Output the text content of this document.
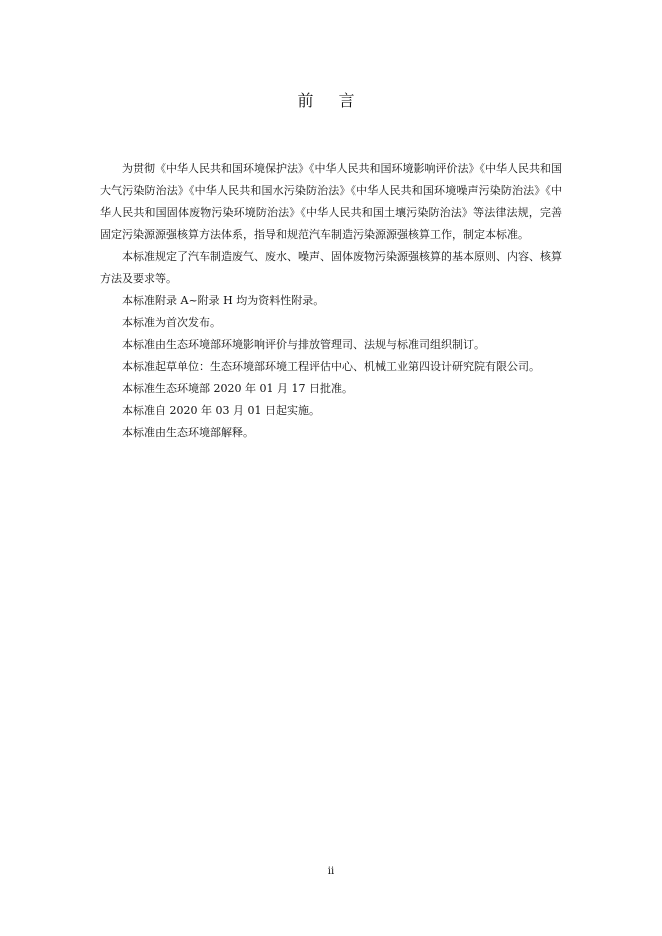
前 言

为贯彻《中华人民共和国环境保护法》《中华人民共和国环境影响评价法》《中华人民共和国大气污染防治法》《中华人民共和国水污染防治法》《中华人民共和国环境噪声污染防治法》《中华人民共和国固体废物污染环境防治法》《中华人民共和国土壤污染防治法》等法律法规，完善固定污染源源强核算方法体系，指导和规范汽车制造污染源源强核算工作，制定本标准。

本标准规定了汽车制造废气、废水、噪声、固体废物污染源强核算的基本原则、内容、核算方法及要求等。

本标准附录 A~附录 H 均为资料性附录。

本标准为首次发布。

本标准由生态环境部环境影响评价与排放管理司、法规与标准司组织制订。

本标准起草单位：生态环境部环境工程评估中心、机械工业第四设计研究院有限公司。

本标准生态环境部 2020 年 01 月 17 日批准。

本标准自 2020 年 03 月 01 日起实施。

本标准由生态环境部解释。

ii
